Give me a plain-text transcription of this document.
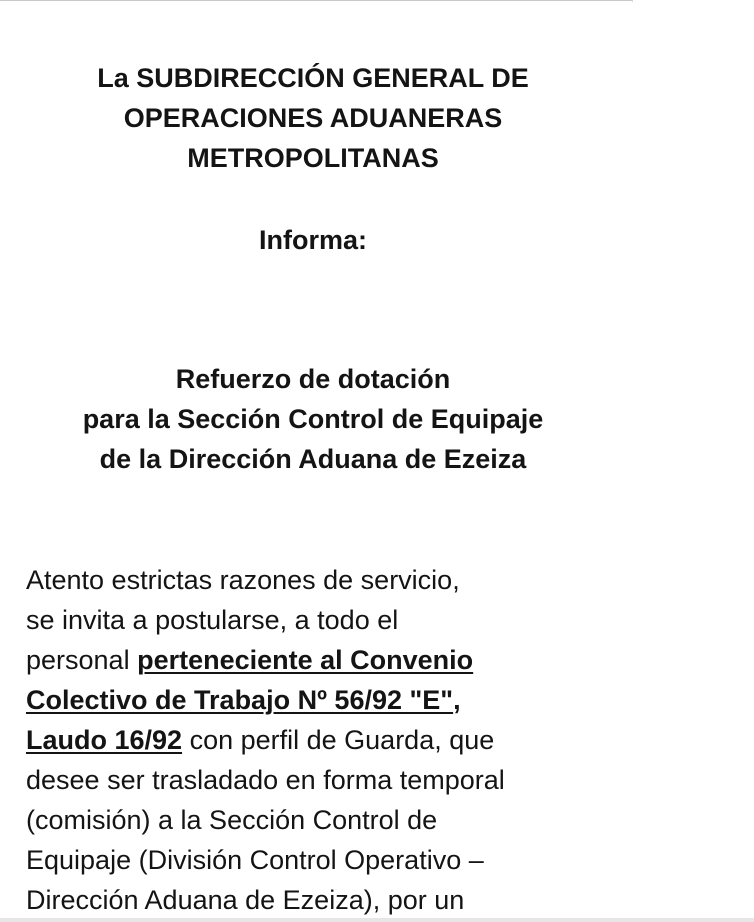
La SUBDIRECCIÓN GENERAL DE
OPERACIONES ADUANERAS
METROPOLITANAS
Informa:
Refuerzo de dotación
para la Sección Control de Equipaje
de la Dirección Aduana de Ezeiza
Atento estrictas razones de servicio,
se invita a postularse, a todo el
personal perteneciente al Convenio
Colectivo de Trabajo Nº 56/92 "E",
Laudo 16/92 con perfil de Guarda, que
desee ser trasladado en forma temporal
(comisión) a la Sección Control de
Equipaje (División Control Operativo –
Dirección Aduana de Ezeiza), por un
